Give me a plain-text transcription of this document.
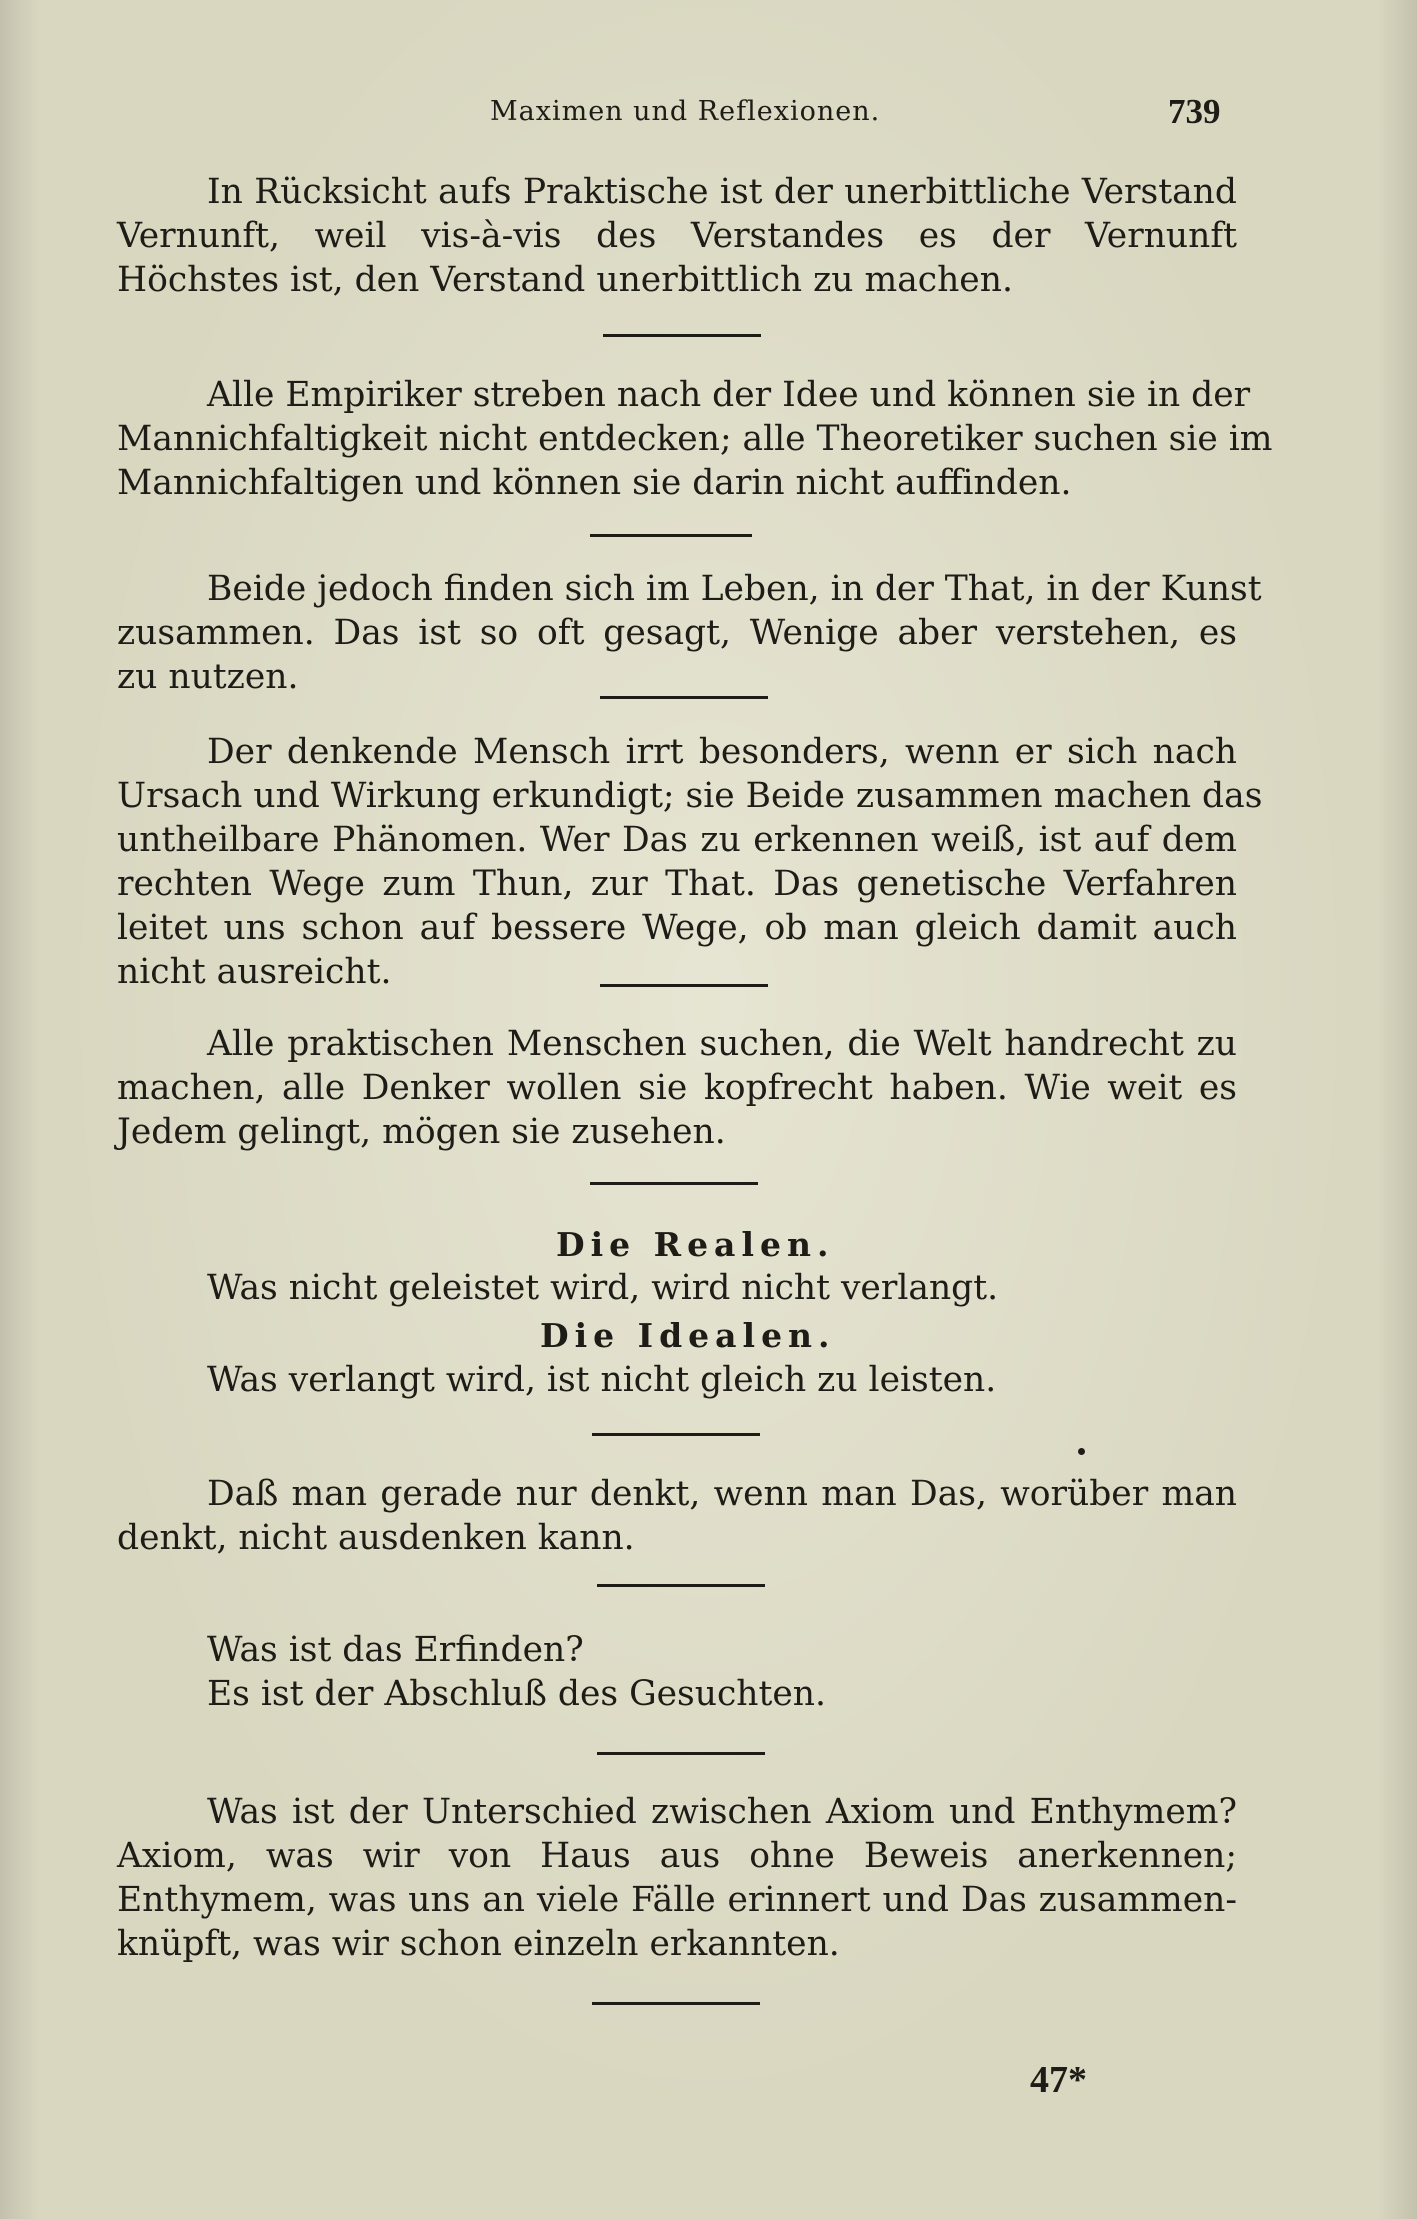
Maximen und Reflexionen.	739
In Rücksicht aufs Praktische ist der unerbittliche Verstand
Vernunft, weil vis-à-vis des Verstandes es der Vernunft
Höchstes ist, den Verstand unerbittlich zu machen.
Alle Empiriker streben nach der Idee und können sie in der
Mannichfaltigkeit nicht entdecken; alle Theoretiker suchen sie im
Mannichfaltigen und können sie darin nicht auffinden.
Beide jedoch finden sich im Leben, in der That, in der Kunst
zusammen. Das ist so oft gesagt, Wenige aber verstehen, es
zu nutzen.
Der denkende Mensch irrt besonders, wenn er sich nach
Ursach und Wirkung erkundigt; sie Beide zusammen machen das
untheilbare Phänomen. Wer Das zu erkennen weiß, ist auf dem
rechten Wege zum Thun, zur That. Das genetische Verfahren
leitet uns schon auf bessere Wege, ob man gleich damit auch
nicht ausreicht.
Alle praktischen Menschen suchen, die Welt handrecht zu
machen, alle Denker wollen sie kopfrecht haben. Wie weit es
Jedem gelingt, mögen sie zusehen.
Die Realen.
Was nicht geleistet wird, wird nicht verlangt.
Die Idealen.
Was verlangt wird, ist nicht gleich zu leisten.
Daß man gerade nur denkt, wenn man Das, worüber man
denkt, nicht ausdenken kann.
Was ist das Erfinden?
Es ist der Abschluß des Gesuchten.
Was ist der Unterschied zwischen Axiom und Enthymem?
Axiom, was wir von Haus aus ohne Beweis anerkennen;
Enthymem, was uns an viele Fälle erinnert und Das zusammen-
knüpft, was wir schon einzeln erkannten.
47*
